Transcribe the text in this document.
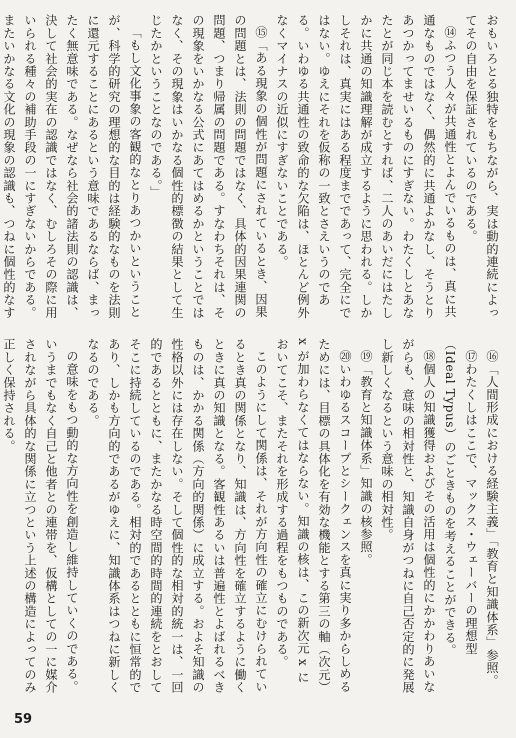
おもいろとる独特をもちながら、実は動的連続によってその自由を保証されているのである。

⑭ふつう人々が共通性とよんでいるものは、真に共通なものではなく、偶然的に共通よかなし、そうとりあつかってませいるものにすぎない。わたくしとあなたとが同じ本を読むとすれば、二人のあいだにはたしかに共通の知識理解が成立するように思われる。しかしそれは、真実にはある程度までであって、完全にではない。ゆえにそれを仮称の一致とさえいうのである。いわゆる共通性の致命的な欠陥は、ほとんど例外なくマイナスの近似にすぎないことである。

⑮「ある現象の個性が問題にされているとき、因果の問題とは、法則の問題ではなく、具体的因果連関の問題、つまり帰属の問題である。すなわちそれは、その現象をいかなる公式にあてはめるかということではなく、その現象はいかなる個性的標徴の結果として生じたかということなのである。」

「もし文化事象の客観的なとりあつかいということが、科学的研究の理想的な目的は経験的なものを法則に還元することにあるという意味であるならば、まったく無意味である。なぜなら社会的諸法則の認識は、決して社会的実在の認識ではなく、むしろその際に用いられる種々の補助手段の一にすぎないからである。またいかなる文化の現象の認識も、つねに個性的なす

⑯「人間形成における経験主義」「教育と知識体系」参照。

⑰わたくしはここで、マックス・ウェーバーの理想型（Ideal Typus）のごときものを考えることができる。

⑱個人の知識獲得およびその活用は個性的にかかわりあいながらも、意味の相対性と、知識自身がつねに自己否定的に発展し新しくなるという意味の相対性。

⑲「教育と知識体系」知識の核参照。

⑳いわゆるスコープとシークェンスを真に実り多からしめるためには、目標の具体化を有効な機能とする第三の軸（次元）x が加わらなくてはならない。知識の核は、この新次元 x においてこそ、またそれを形成する過程をもつものである。

このようにして関係は、それが方向性の確立にむけられているとき真の関係となり、知識は、方向性を確立するように働くときに真の知識となる。客観性あるいは普遍性とよばれるべきものは、かかる関係（方向的関係）に成立する。およそ知識の性格以外には存在しない。そして個性的な相対的統一は、一回的であるとともに、またかなる時空間的時間的連続をとおしてそこに持続しているのである。相対的であるとともに恒常的であり、しかも方向的であるがゆえに、知識体系はつねに新しくなるのである。

の意味をもつ動的な方向性を創造し維持していくのである。いうまでもなく自己と他者との連帯を、仮構としての一に媒介されながら具体的な関係に立つという上述の構造によってのみ正しく保持される。

59
